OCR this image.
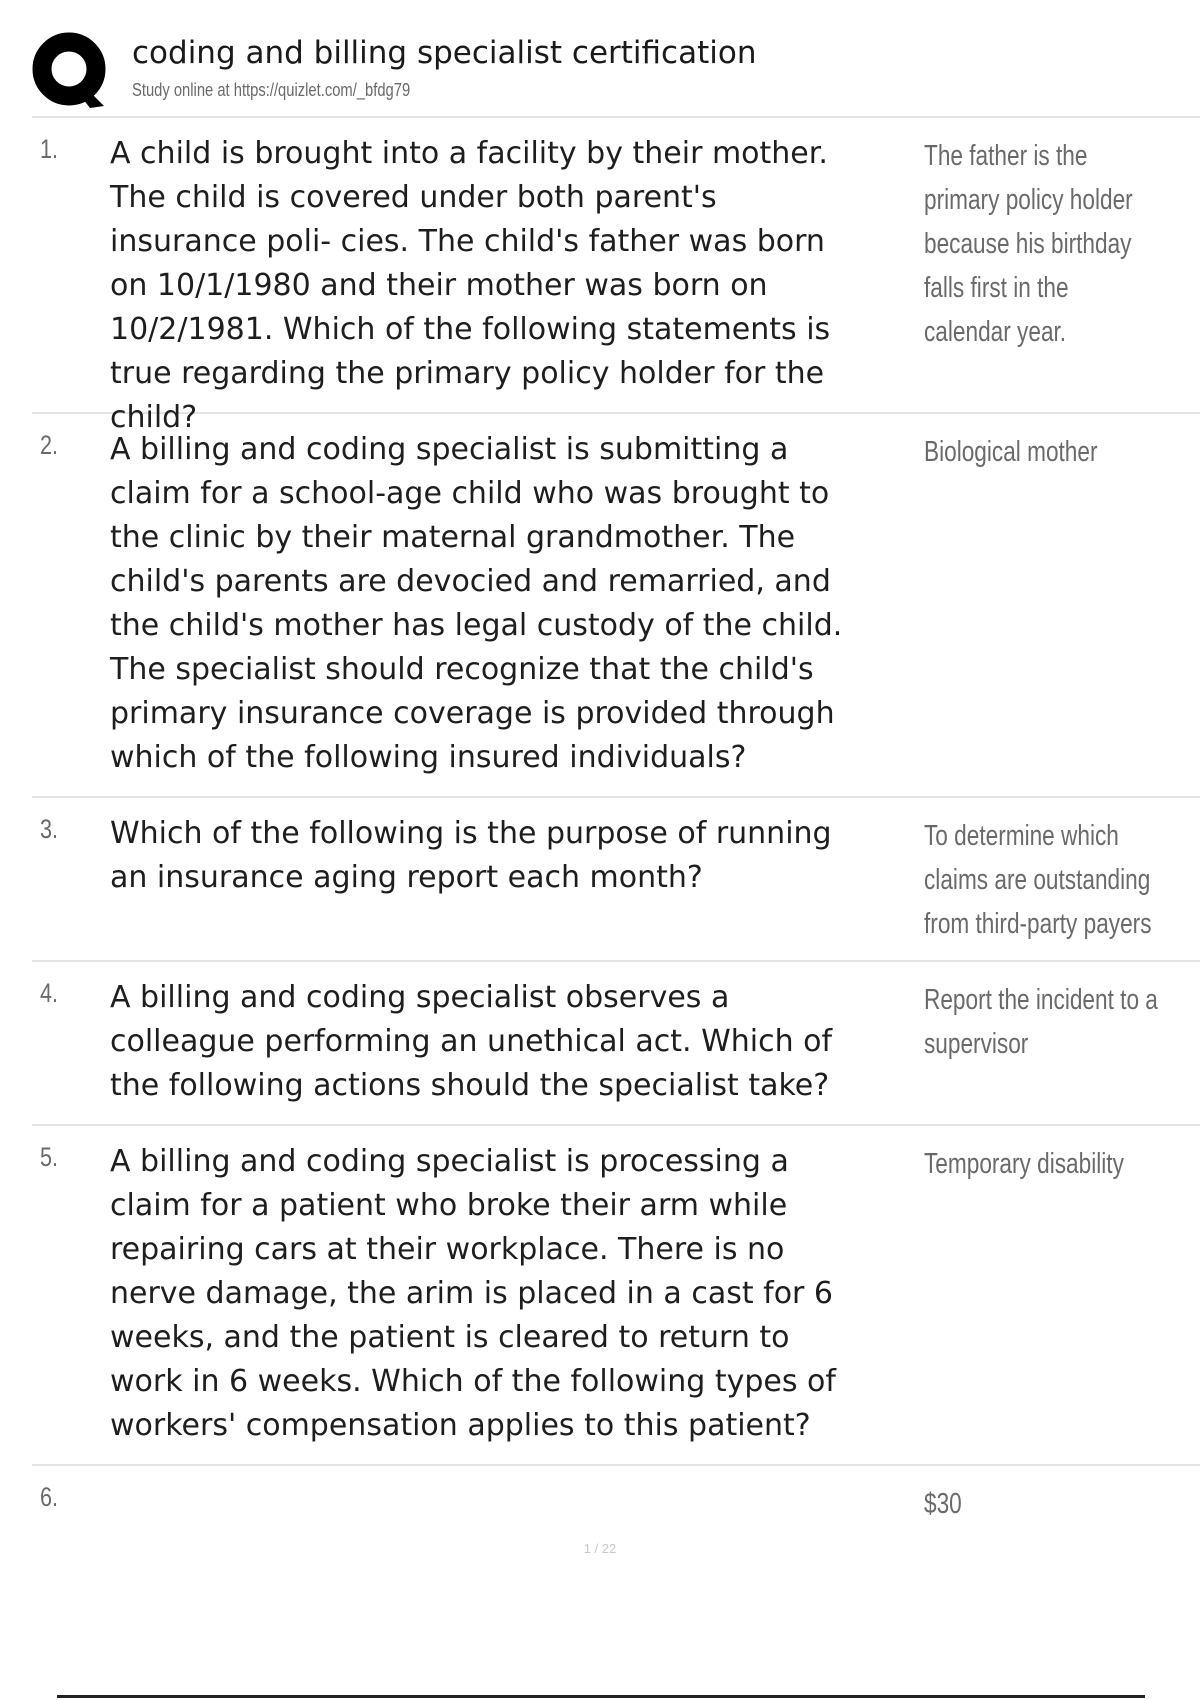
coding and billing specialist certification
Study online at https://quizlet.com/_bfdg79
1. A child is brought into a facility by their mother. The child is covered under both parent's insurance poli- cies. The child's father was born on 10/1/1980 and their mother was born on 10/2/1981. Which of the following statements is true regarding the primary policy holder for the child?
The father is the primary policy holder because his birthday falls first in the calendar year.
2. A billing and coding specialist is submitting a claim for a school-age child who was brought to the clinic by their maternal grandmother. The child's parents are devocied and remarried, and the child's mother has legal custody of the child. The specialist should recognize that the child's primary insurance coverage is provided through which of the following insured individuals?
Biological mother
3. Which of the following is the purpose of running an insurance aging report each month?
To determine which claims are outstanding from third-party payers
4. A billing and coding specialist observes a colleague performing an unethical act. Which of the following actions should the specialist take?
Report the incident to a supervisor
5. A billing and coding specialist is processing a claim for a patient who broke their arm while repairing cars at their workplace. There is no nerve damage, the arim is placed in a cast for 6 weeks, and the patient is cleared to return to work in 6 weeks. Which of the following types of workers' compensation applies to this patient?
Temporary disability
6.	$30
1 / 22
